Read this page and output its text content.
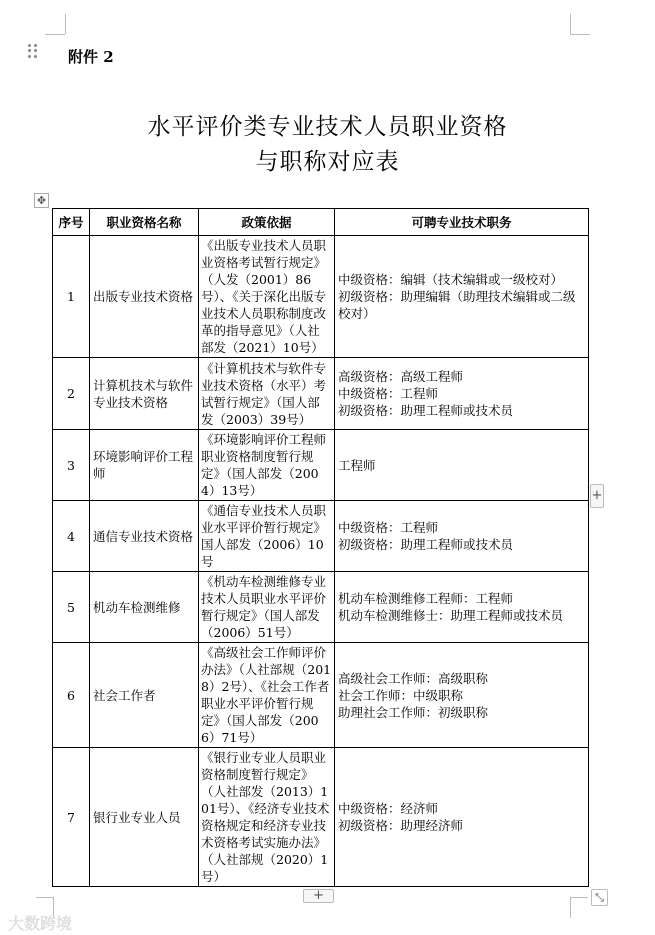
附件 2
水平评价类专业技术人员职业资格
与职称对应表
✥
序号	职业资格名称	政策依据	可聘专业技术职务
1	出版专业技术资格	《出版专业技术人员职业资格考试暂行规定》（人发（2001）86号）、《关于深化出版专业技术人员职称制度改革的指导意见》（人社部发（2021）10号）	中级资格：编辑（技术编辑或一级校对）
初级资格：助理编辑（助理技术编辑或二级校对）

2	计算机技术与软件专业技术资格	《计算机技术与软件专业技术资格（水平）考试暂行规定》（国人部发（2003）39号）	高级资格：高级工程师
中级资格：工程师
初级资格：助理工程师或技术员

3	环境影响评价工程师	《环境影响评价工程师职业资格制度暂行规定》（国人部发（2004）13号）	工程师

4	通信专业技术资格	《通信专业技术人员职业水平评价暂行规定》国人部发（2006）10号	中级资格：工程师
初级资格：助理工程师或技术员

5	机动车检测维修	《机动车检测维修专业技术人员职业水平评价暂行规定》（国人部发（2006）51号）	机动车检测维修工程师：工程师
机动车检测维修士：助理工程师或技术员

6	社会工作者	《高级社会工作师评价办法》（人社部规（2018）2号）、《社会工作者职业水平评价暂行规定》（国人部发（2006）71号）	高级社会工作师：高级职称
社会工作师：中级职称
助理社会工作师：初级职称

7	银行业专业人员	《银行业专业人员职业资格制度暂行规定》（人社部发（2013）101号）、《经济专业技术资格规定和经济专业技术资格考试实施办法》（人社部规（2020）1号）	中级资格：经济师
初级资格：助理经济师
+
+	⤡
大数跨境
